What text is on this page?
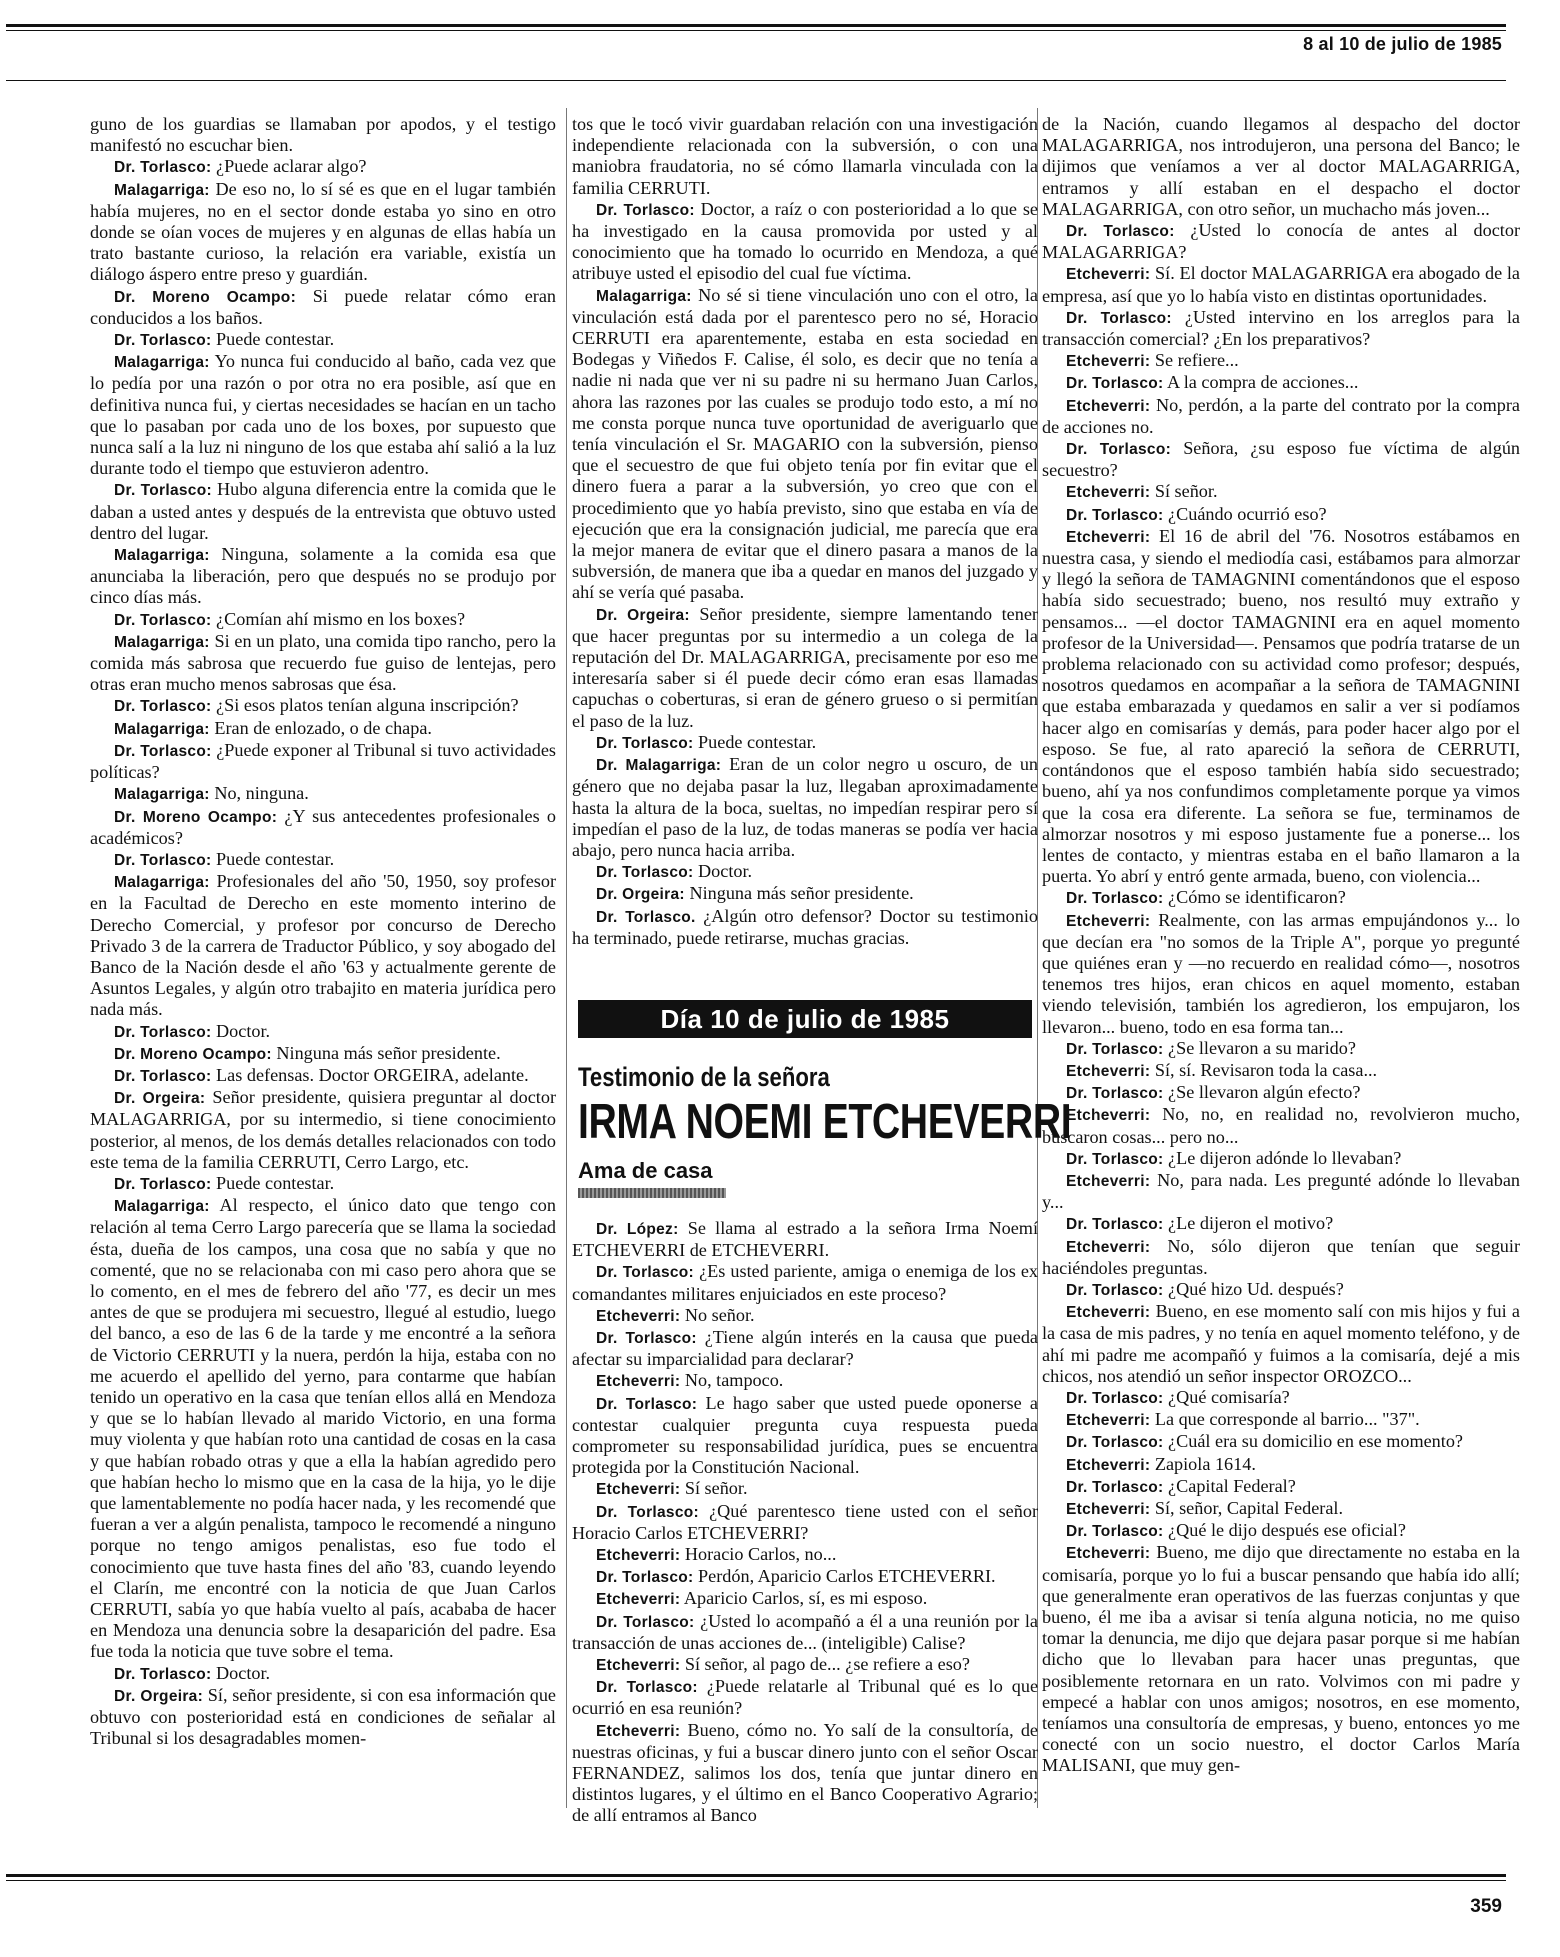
8 al 10 de julio de 1985

guno de los guardias se llamaban por apodos, y el testigo manifestó no escuchar bien.

Dr. Torlasco: ¿Puede aclarar algo?

Malagarriga: De eso no, lo sí sé es que en el lugar también había mujeres, no en el sector donde estaba yo sino en otro donde se oían voces de mujeres y en algunas de ellas había un trato bastante curioso, la relación era variable, existía un diálogo áspero entre preso y guardián.

Dr. Moreno Ocampo: Si puede relatar cómo eran conducidos a los baños.

Dr. Torlasco: Puede contestar.

Malagarriga: Yo nunca fui conducido al baño, cada vez que lo pedía por una razón o por otra no era posible, así que en definitiva nunca fui, y ciertas necesidades se hacían en un tacho que lo pasaban por cada uno de los boxes, por supuesto que nunca salí a la luz ni ninguno de los que estaba ahí salió a la luz durante todo el tiempo que estuvieron adentro.

Dr. Torlasco: Hubo alguna diferencia entre la comida que le daban a usted antes y después de la entrevista que obtuvo usted dentro del lugar.

Malagarriga: Ninguna, solamente a la comida esa que anunciaba la liberación, pero que después no se produjo por cinco días más.

Dr. Torlasco: ¿Comían ahí mismo en los boxes?

Malagarriga: Si en un plato, una comida tipo rancho, pero la comida más sabrosa que recuerdo fue guiso de lentejas, pero otras eran mucho menos sabrosas que ésa.

Dr. Torlasco: ¿Si esos platos tenían alguna inscripción?

Malagarriga: Eran de enlozado, o de chapa.

Dr. Torlasco: ¿Puede exponer al Tribunal si tuvo actividades políticas?

Malagarriga: No, ninguna.

Dr. Moreno Ocampo: ¿Y sus antecedentes profesionales o académicos?

Dr. Torlasco: Puede contestar.

Malagarriga: Profesionales del año '50, 1950, soy profesor en la Facultad de Derecho en este momento interino de Derecho Comercial, y profesor por concurso de Derecho Privado 3 de la carrera de Traductor Público, y soy abogado del Banco de la Nación desde el año '63 y actualmente gerente de Asuntos Legales, y algún otro trabajito en materia jurídica pero nada más.

Dr. Torlasco: Doctor.

Dr. Moreno Ocampo: Ninguna más señor presidente.

Dr. Torlasco: Las defensas. Doctor ORGEIRA, adelante.

Dr. Orgeira: Señor presidente, quisiera preguntar al doctor MALAGARRIGA, por su intermedio, si tiene conocimiento posterior, al menos, de los demás detalles relacionados con todo este tema de la familia CERRUTI, Cerro Largo, etc.

Dr. Torlasco: Puede contestar.

Malagarriga: Al respecto, el único dato que tengo con relación al tema Cerro Largo parecería que se llama la sociedad ésta, dueña de los campos, una cosa que no sabía y que no comenté, que no se relacionaba con mi caso pero ahora que se lo comento, en el mes de febrero del año '77, es decir un mes antes de que se produjera mi secuestro, llegué al estudio, luego del banco, a eso de las 6 de la tarde y me encontré a la señora de Victorio CERRUTI y la nuera, perdón la hija, estaba con no me acuerdo el apellido del yerno, para contarme que habían tenido un operativo en la casa que tenían ellos allá en Mendoza y que se lo habían llevado al marido Victorio, en una forma muy violenta y que habían roto una cantidad de cosas en la casa y que habían robado otras y que a ella la habían agredido pero que habían hecho lo mismo que en la casa de la hija, yo le dije que lamentablemente no podía hacer nada, y les recomendé que fueran a ver a algún penalista, tampoco le recomendé a ninguno porque no tengo amigos penalistas, eso fue todo el conocimiento que tuve hasta fines del año '83, cuando leyendo el Clarín, me encontré con la noticia de que Juan Carlos CERRUTI, sabía yo que había vuelto al país, acababa de hacer en Mendoza una denuncia sobre la desaparición del padre. Esa fue toda la noticia que tuve sobre el tema.

Dr. Torlasco: Doctor.

Dr. Orgeira: Sí, señor presidente, si con esa información que obtuvo con posterioridad está en condiciones de señalar al Tribunal si los desagradables momen-

tos que le tocó vivir guardaban relación con una investigación independiente relacionada con la subversión, o con una maniobra fraudatoria, no sé cómo llamarla vinculada con la familia CERRUTI.

Dr. Torlasco: Doctor, a raíz o con posterioridad a lo que se ha investigado en la causa promovida por usted y al conocimiento que ha tomado lo ocurrido en Mendoza, a qué atribuye usted el episodio del cual fue víctima.

Malagarriga: No sé si tiene vinculación uno con el otro, la vinculación está dada por el parentesco pero no sé, Horacio CERRUTI era aparentemente, estaba en esta sociedad en Bodegas y Viñedos F. Calise, él solo, es decir que no tenía a nadie ni nada que ver ni su padre ni su hermano Juan Carlos, ahora las razones por las cuales se produjo todo esto, a mí no me consta porque nunca tuve oportunidad de averiguarlo que tenía vinculación el Sr. MAGARIO con la subversión, pienso que el secuestro de que fui objeto tenía por fin evitar que el dinero fuera a parar a la subversión, yo creo que con el procedimiento que yo había previsto, sino que estaba en vía de ejecución que era la consignación judicial, me parecía que era la mejor manera de evitar que el dinero pasara a manos de la subversión, de manera que iba a quedar en manos del juzgado y ahí se vería qué pasaba.

Dr. Orgeira: Señor presidente, siempre lamentando tener que hacer preguntas por su intermedio a un colega de la reputación del Dr. MALAGARRIGA, precisamente por eso me interesaría saber si él puede decir cómo eran esas llamadas capuchas o coberturas, si eran de género grueso o si permitían el paso de la luz.

Dr. Torlasco: Puede contestar.

Dr. Malagarriga: Eran de un color negro u oscuro, de un género que no dejaba pasar la luz, llegaban aproximadamente hasta la altura de la boca, sueltas, no impedían respirar pero sí impedían el paso de la luz, de todas maneras se podía ver hacia abajo, pero nunca hacia arriba.

Dr. Torlasco: Doctor.

Dr. Orgeira: Ninguna más señor presidente.

Dr. Torlasco. ¿Algún otro defensor? Doctor su testimonio ha terminado, puede retirarse, muchas gracias.

Día 10 de julio de 1985
Testimonio de la señora
IRMA NOEMI ETCHEVERRI
Ama de casa

Dr. López: Se llama al estrado a la señora Irma Noemí ETCHEVERRI de ETCHEVERRI.

Dr. Torlasco: ¿Es usted pariente, amiga o enemiga de los ex comandantes militares enjuiciados en este proceso?

Etcheverri: No señor.

Dr. Torlasco: ¿Tiene algún interés en la causa que pueda afectar su imparcialidad para declarar?

Etcheverri: No, tampoco.

Dr. Torlasco: Le hago saber que usted puede oponerse a contestar cualquier pregunta cuya respuesta pueda comprometer su responsabilidad jurídica, pues se encuentra protegida por la Constitución Nacional.

Etcheverri: Sí señor.

Dr. Torlasco: ¿Qué parentesco tiene usted con el señor Horacio Carlos ETCHEVERRI?

Etcheverri: Horacio Carlos, no...

Dr. Torlasco: Perdón, Aparicio Carlos ETCHEVERRI.

Etcheverri: Aparicio Carlos, sí, es mi esposo.

Dr. Torlasco: ¿Usted lo acompañó a él a una reunión por la transacción de unas acciones de... (inteligible) Calise?

Etcheverri: Sí señor, al pago de... ¿se refiere a eso?

Dr. Torlasco: ¿Puede relatarle al Tribunal qué es lo que ocurrió en esa reunión?

Etcheverri: Bueno, cómo no. Yo salí de la consultoría, de nuestras oficinas, y fui a buscar dinero junto con el señor Oscar FERNANDEZ, salimos los dos, tenía que juntar dinero en distintos lugares, y el último en el Banco Cooperativo Agrario; de allí entramos al Banco

de la Nación, cuando llegamos al despacho del doctor MALAGARRIGA, nos introdujeron, una persona del Banco; le dijimos que veníamos a ver al doctor MALAGARRIGA, entramos y allí estaban en el despacho el doctor MALAGARRIGA, con otro señor, un muchacho más joven...

Dr. Torlasco: ¿Usted lo conocía de antes al doctor MALAGARRIGA?

Etcheverri: Sí. El doctor MALAGARRIGA era abogado de la empresa, así que yo lo había visto en distintas oportunidades.

Dr. Torlasco: ¿Usted intervino en los arreglos para la transacción comercial? ¿En los preparativos?

Etcheverri: Se refiere...

Dr. Torlasco: A la compra de acciones...

Etcheverri: No, perdón, a la parte del contrato por la compra de acciones no.

Dr. Torlasco: Señora, ¿su esposo fue víctima de algún secuestro?

Etcheverri: Sí señor.

Dr. Torlasco: ¿Cuándo ocurrió eso?

Etcheverri: El 16 de abril del '76. Nosotros estábamos en nuestra casa, y siendo el mediodía casi, estábamos para almorzar y llegó la señora de TAMAGNINI comentándonos que el esposo había sido secuestrado; bueno, nos resultó muy extraño y pensamos... —el doctor TAMAGNINI era en aquel momento profesor de la Universidad—. Pensamos que podría tratarse de un problema relacionado con su actividad como profesor; después, nosotros quedamos en acompañar a la señora de TAMAGNINI que estaba embarazada y quedamos en salir a ver si podíamos hacer algo en comisarías y demás, para poder hacer algo por el esposo. Se fue, al rato apareció la señora de CERRUTI, contándonos que el esposo también había sido secuestrado; bueno, ahí ya nos confundimos completamente porque ya vimos que la cosa era diferente. La señora se fue, terminamos de almorzar nosotros y mi esposo justamente fue a ponerse... los lentes de contacto, y mientras estaba en el baño llamaron a la puerta. Yo abrí y entró gente armada, bueno, con violencia...

Dr. Torlasco: ¿Cómo se identificaron?

Etcheverri: Realmente, con las armas empujándonos y... lo que decían era "no somos de la Triple A", porque yo pregunté que quiénes eran y —no recuerdo en realidad cómo—, nosotros tenemos tres hijos, eran chicos en aquel momento, estaban viendo televisión, también los agredieron, los empujaron, los llevaron... bueno, todo en esa forma tan...

Dr. Torlasco: ¿Se llevaron a su marido?

Etcheverri: Sí, sí. Revisaron toda la casa...

Dr. Torlasco: ¿Se llevaron algún efecto?

Etcheverri: No, no, en realidad no, revolvieron mucho, buscaron cosas... pero no...

Dr. Torlasco: ¿Le dijeron adónde lo llevaban?

Etcheverri: No, para nada. Les pregunté adónde lo llevaban y...

Dr. Torlasco: ¿Le dijeron el motivo?

Etcheverri: No, sólo dijeron que tenían que seguir haciéndoles preguntas.

Dr. Torlasco: ¿Qué hizo Ud. después?

Etcheverri: Bueno, en ese momento salí con mis hijos y fui a la casa de mis padres, y no tenía en aquel momento teléfono, y de ahí mi padre me acompañó y fuimos a la comisaría, dejé a mis chicos, nos atendió un señor inspector OROZCO...

Dr. Torlasco: ¿Qué comisaría?

Etcheverri: La que corresponde al barrio... "37".

Dr. Torlasco: ¿Cuál era su domicilio en ese momento?

Etcheverri: Zapiola 1614.

Dr. Torlasco: ¿Capital Federal?

Etcheverri: Sí, señor, Capital Federal.

Dr. Torlasco: ¿Qué le dijo después ese oficial?

Etcheverri: Bueno, me dijo que directamente no estaba en la comisaría, porque yo lo fui a buscar pensando que había ido allí; que generalmente eran operativos de las fuerzas conjuntas y que bueno, él me iba a avisar si tenía alguna noticia, no me quiso tomar la denuncia, me dijo que dejara pasar porque si me habían dicho que lo llevaban para hacer unas preguntas, que posiblemente retornara en un rato. Volvimos con mi padre y empecé a hablar con unos amigos; nosotros, en ese momento, teníamos una consultoría de empresas, y bueno, entonces yo me conecté con un socio nuestro, el doctor Carlos María MALISANI, que muy gen-

359
